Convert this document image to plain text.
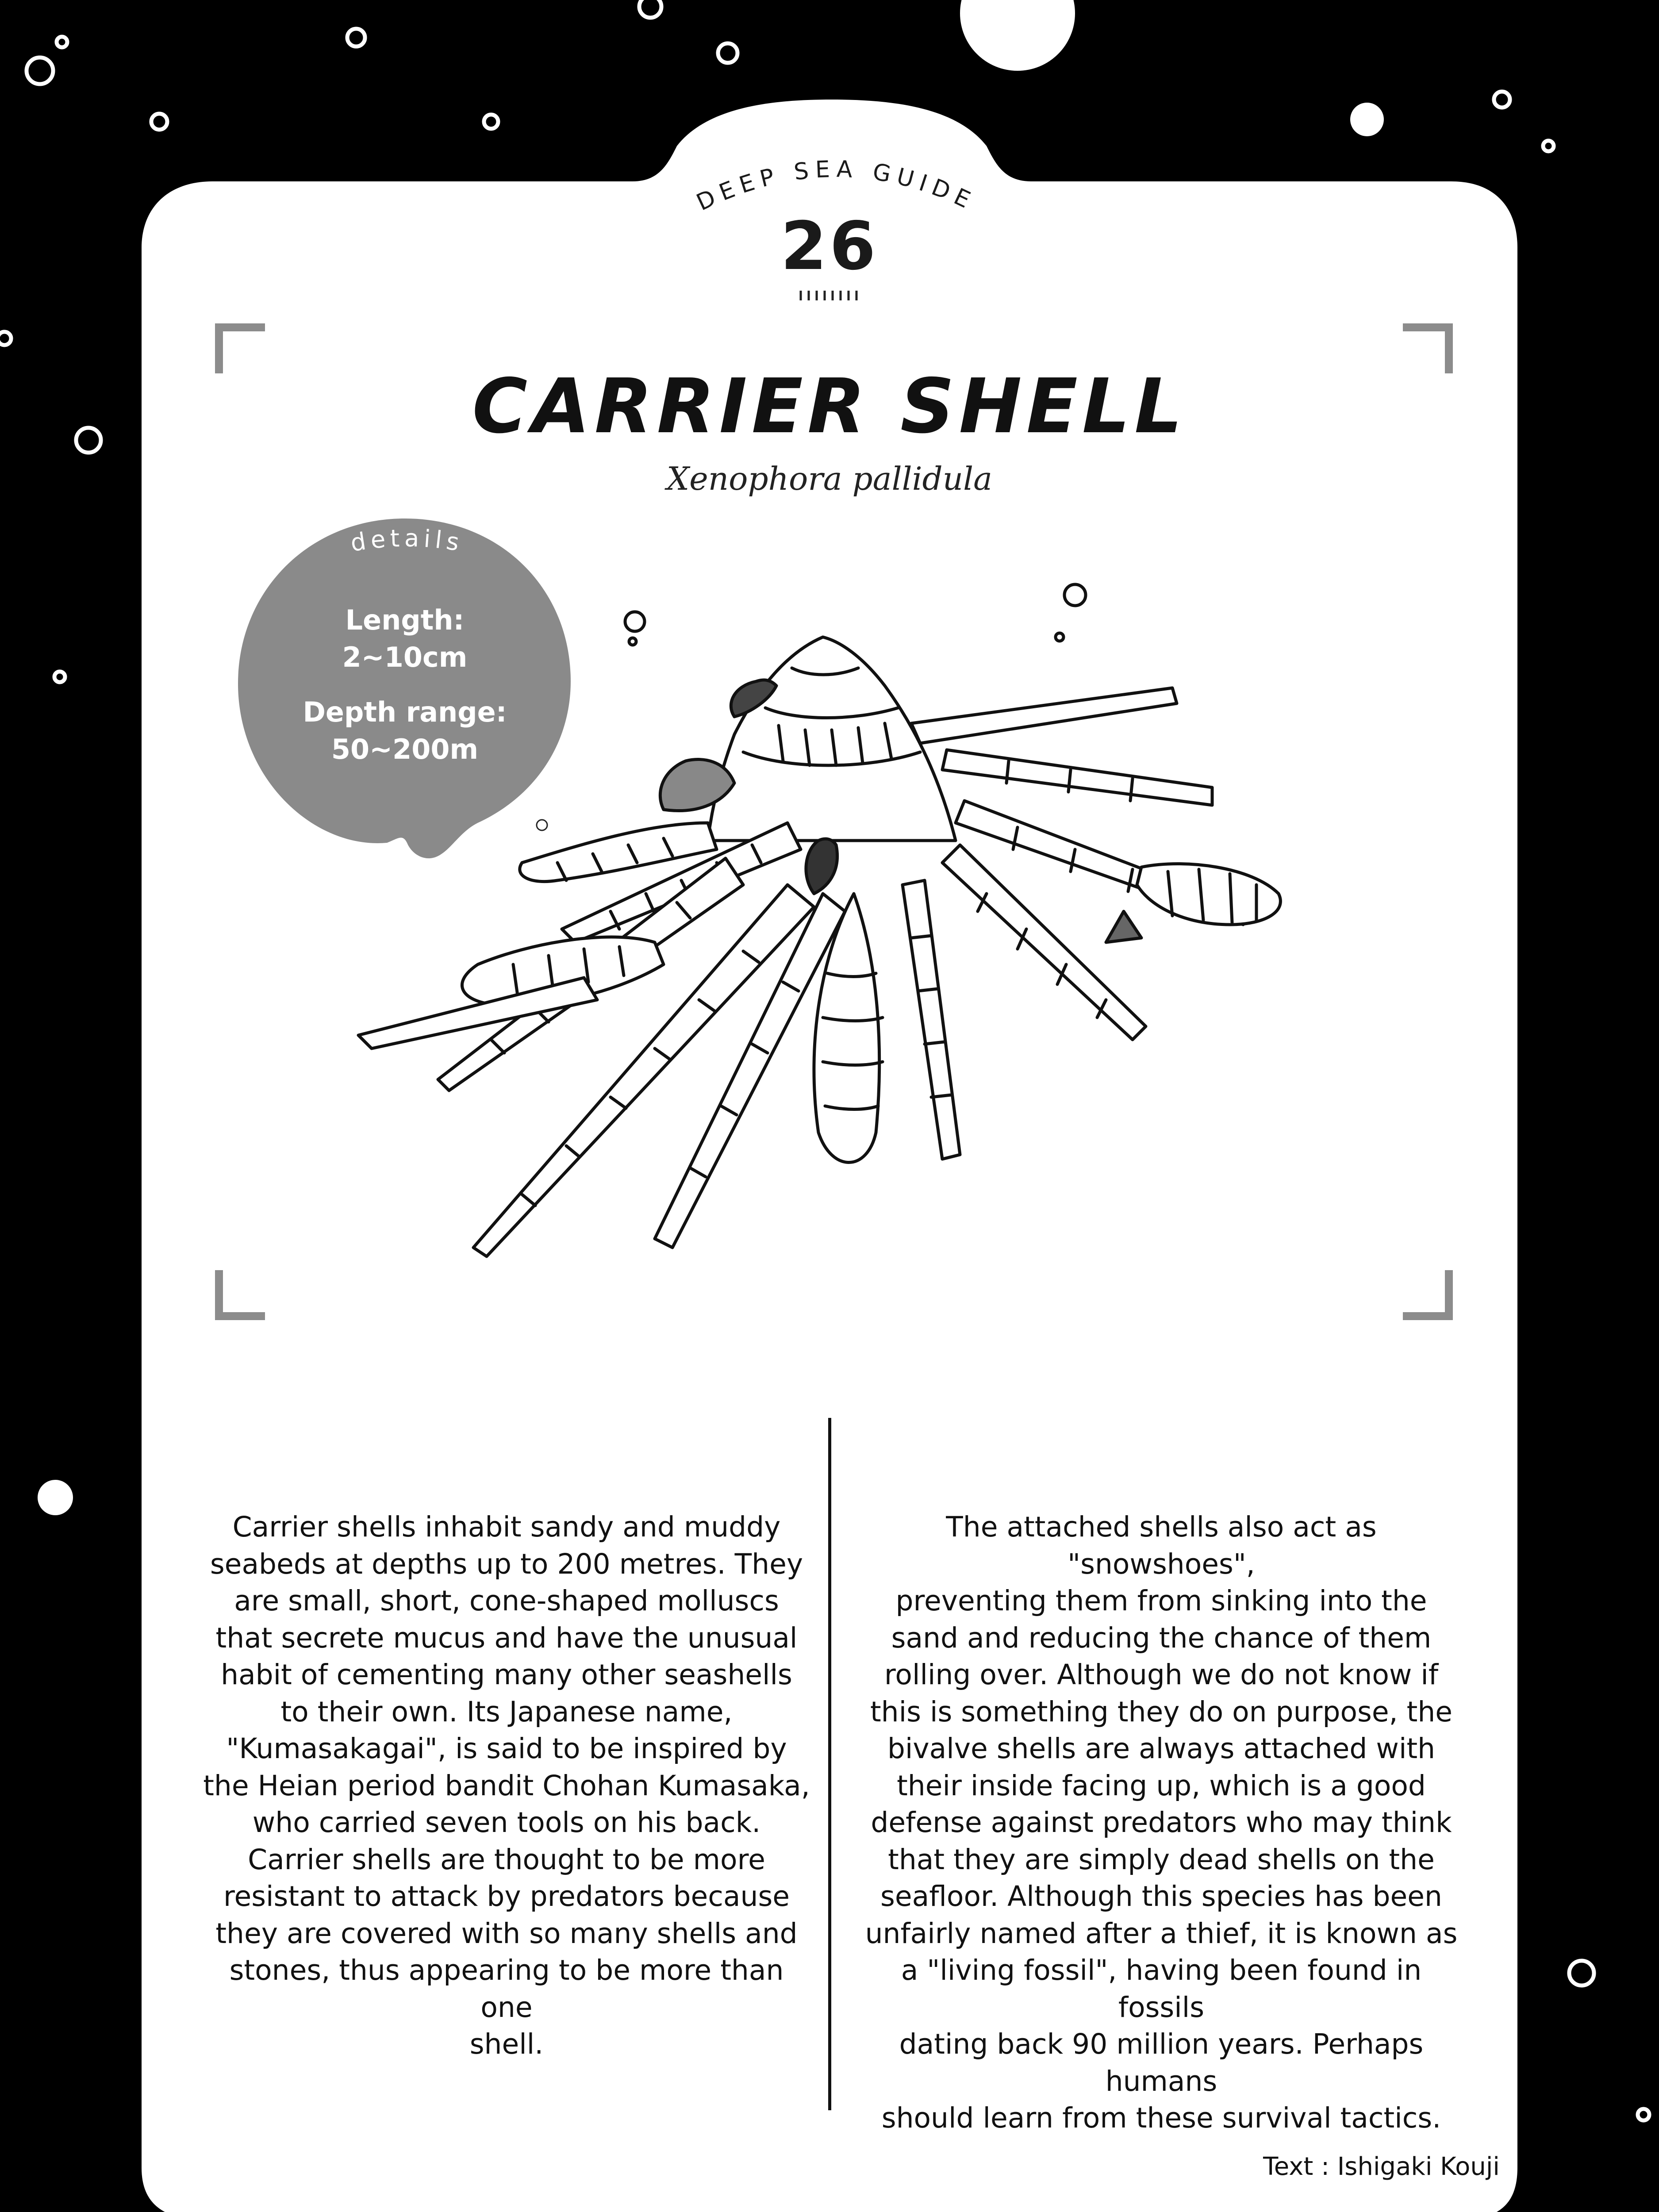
DEEP SEA GUIDE
26
CARRIER SHELL
Xenophora pallidula
details
Length:
2~10cm
Depth range:
50~200m
Carrier shells inhabit sandy and muddy
seabeds at depths up to 200 metres. They
are small, short, cone-shaped molluscs
that secrete mucus and have the unusual
habit of cementing many other seashells
to their own. Its Japanese name,
"Kumasakagai", is said to be inspired by
the Heian period bandit Chohan Kumasaka,
who carried seven tools on his back.
Carrier shells are thought to be more
resistant to attack by predators because
they are covered with so many shells and
stones, thus appearing to be more than one
shell.
The attached shells also act as "snowshoes",
preventing them from sinking into the
sand and reducing the chance of them
rolling over. Although we do not know if
this is something they do on purpose, the
bivalve shells are always attached with
their inside facing up, which is a good
defense against predators who may think
that they are simply dead shells on the
seafloor. Although this species has been
unfairly named after a thief, it is known as
a "living fossil", having been found in fossils
dating back 90 million years. Perhaps humans
should learn from these survival tactics.
Text : Ishigaki Kouji
